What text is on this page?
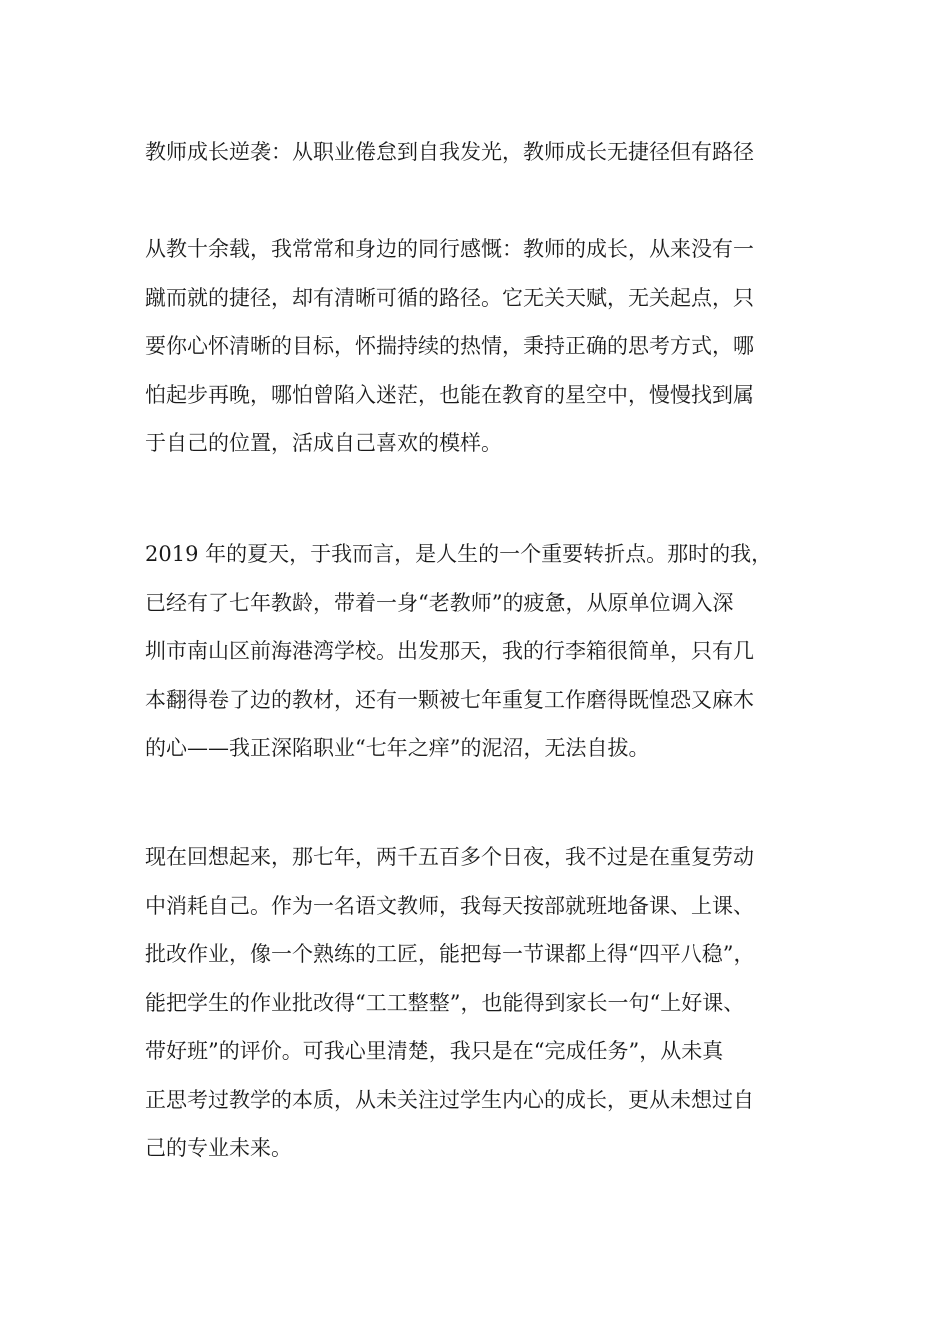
教师成长逆袭：从职业倦怠到自我发光，教师成长无捷径但有路径
从教十余载，我常常和身边的同行感慨：教师的成长，从来没有一
蹴而就的捷径，却有清晰可循的路径。它无关天赋，无关起点，只
要你心怀清晰的目标，怀揣持续的热情，秉持正确的思考方式，哪
怕起步再晚，哪怕曾陷入迷茫，也能在教育的星空中，慢慢找到属
于自己的位置，活成自己喜欢的模样。
2019 年的夏天，于我而言，是人生的一个重要转折点。那时的我，
已经有了七年教龄，带着一身“老教师”的疲惫，从原单位调入深
圳市南山区前海港湾学校。出发那天，我的行李箱很简单，只有几
本翻得卷了边的教材，还有一颗被七年重复工作磨得既惶恐又麻木
的心——我正深陷职业“七年之痒”的泥沼，无法自拔。
现在回想起来，那七年，两千五百多个日夜，我不过是在重复劳动
中消耗自己。作为一名语文教师，我每天按部就班地备课、上课、
批改作业，像一个熟练的工匠，能把每一节课都上得“四平八稳”，
能把学生的作业批改得“工工整整”，也能得到家长一句“上好课、
带好班”的评价。可我心里清楚，我只是在“完成任务”，从未真
正思考过教学的本质，从未关注过学生内心的成长，更从未想过自
己的专业未来。
